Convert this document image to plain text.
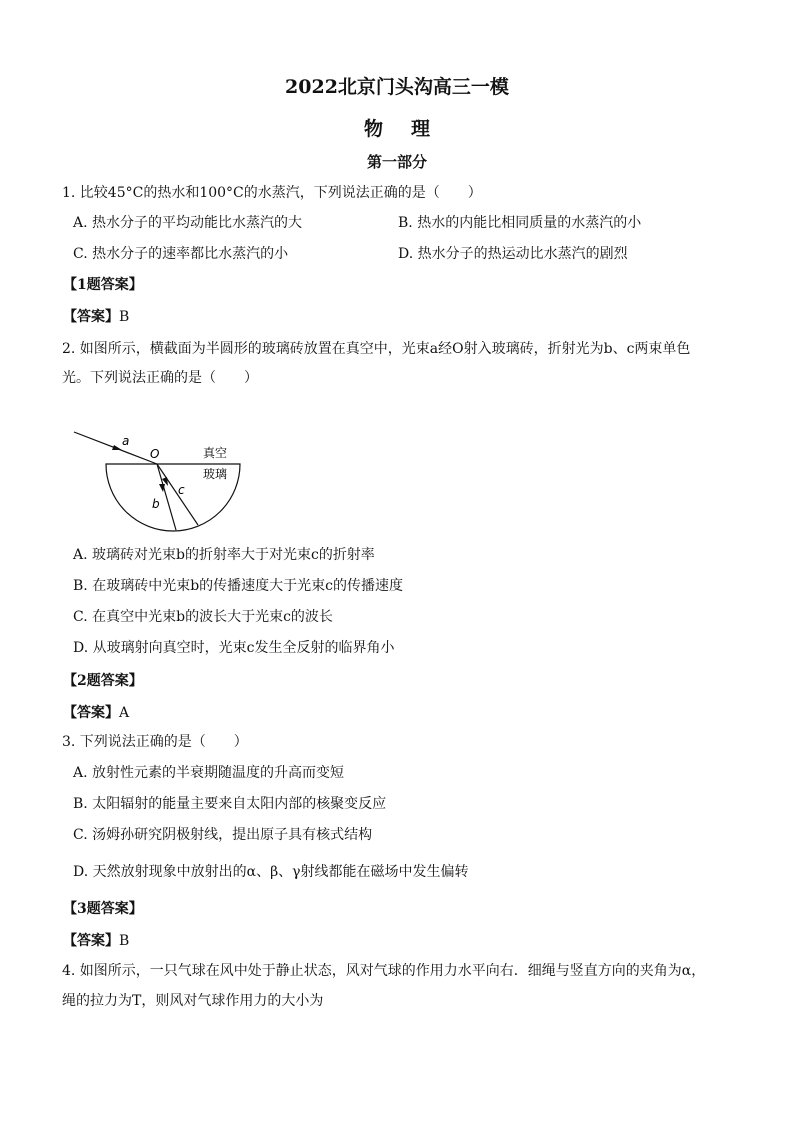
2022北京门头沟高三一模
物 理
第一部分
1. 比较45°C的热水和100°C的水蒸汽，下列说法正确的是（　　）
A. 热水分子的平均动能比水蒸汽的大	B. 热水的内能比相同质量的水蒸汽的小
C. 热水分子的速率都比水蒸汽的小	D. 热水分子的热运动比水蒸汽的剧烈
【1题答案】
【答案】B
2. 如图所示，横截面为半圆形的玻璃砖放置在真空中，光束a经O射入玻璃砖，折射光为b、c两束单色
光。下列说法正确的是（　　）
a
O
b
c
真空
玻璃
A. 玻璃砖对光束b的折射率大于对光束c的折射率
B. 在玻璃砖中光束b的传播速度大于光束c的传播速度
C. 在真空中光束b的波长大于光束c的波长
D. 从玻璃射向真空时，光束c发生全反射的临界角小
【2题答案】
【答案】A
3. 下列说法正确的是（　　）
A. 放射性元素的半衰期随温度的升高而变短
B. 太阳辐射的能量主要来自太阳内部的核聚变反应
C. 汤姆孙研究阴极射线，提出原子具有核式结构
D. 天然放射现象中放射出的α、β、γ射线都能在磁场中发生偏转
【3题答案】
【答案】B
4. 如图所示，一只气球在风中处于静止状态，风对气球的作用力水平向右．细绳与竖直方向的夹角为α，
绳的拉力为T，则风对气球作用力的大小为
